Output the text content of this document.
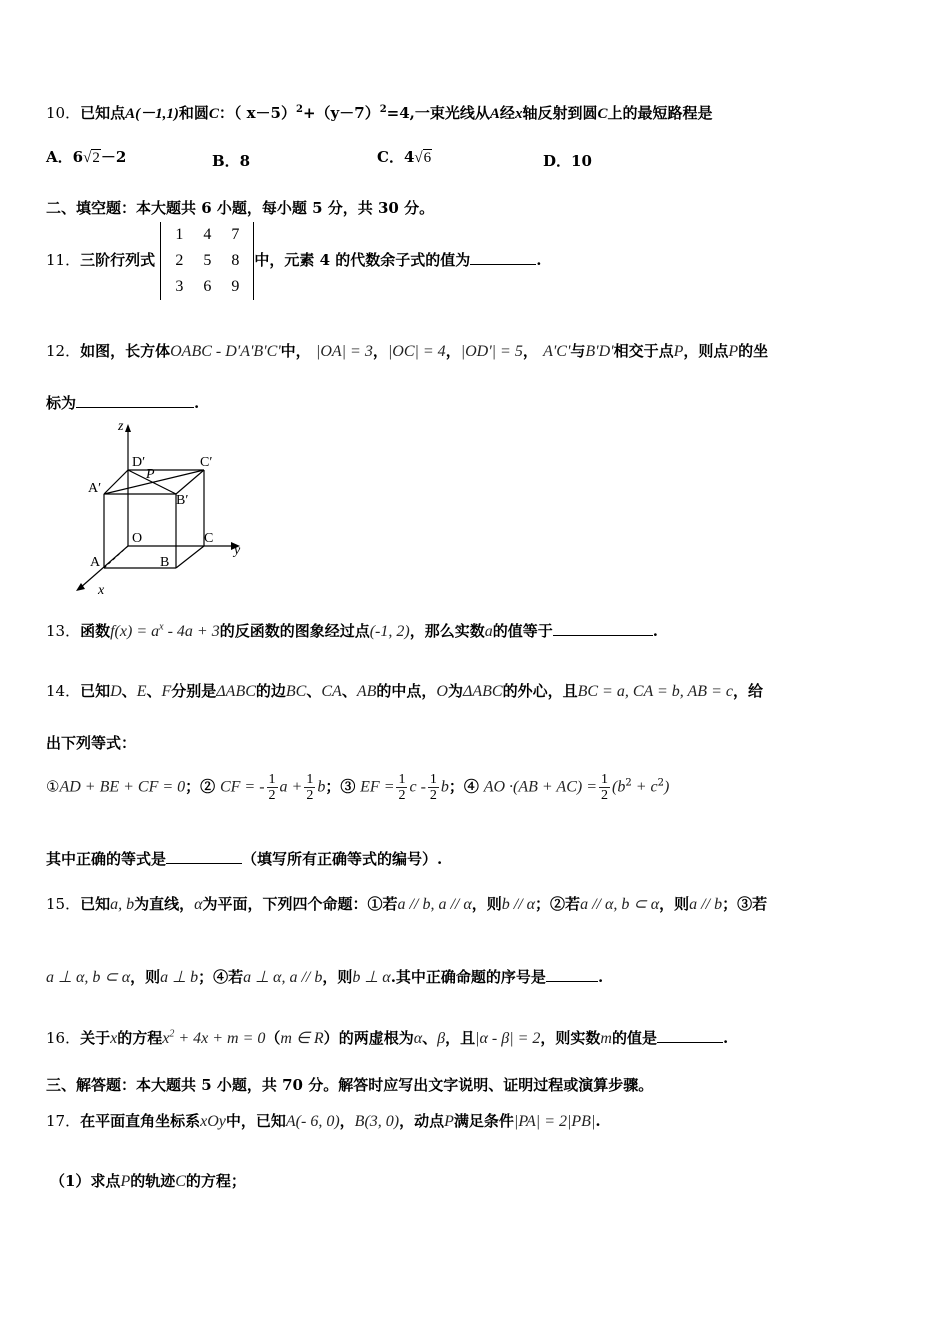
10．已知点A(－1,1)和圆C：（ $x-5)^2+(y-7)^2=4$,一束光线从A经x轴反射到圆C上的最短路程是
A．6√2－2	B．8	C．4√6	D．10
二、填空题：本大题共 6 小题，每小题 5 分，共 30 分。
11．三阶行列式 1 4 7
2 5 8
3 6 9中，元素 4 的代数余子式的值为	.
12．如图，长方体OABC - D'A'B'C'中， |OA| = 3，|OC| = 4，|OD'| = 5， A'C'与B'D'相交于点P，则点P的坐
标为	.
z
y
x
D′
P
C′
A′
B′
O	C
A	B
13．函数$f(x) = a^x - 4a + 3$的反函数的图象经过点(-1, 2)，那么实数a的值等于	.
14．已知D、E、F分别是ΔABC的边BC、CA、AB的中点，O为ΔABC的外心，且BC = a, CA = b, AB = c，给
出下列等式：
①AD + BE + CF = 0；② CF = - $\frac{1}{2}$ $a + \frac{1}{2}$ b；③ EF = $\frac{1}{2}$ c - $\frac{1}{2}$ b；④ AO $\cdot(AB + AC) = \frac{1}{2} (b^2 + c^2)$
其中正确的等式是	（填写所有正确等式的编号）.
15．已知a, b为直线，α为平面，下列四个命题：①若a // b, a // α，则b // α；②若a // α, b ⊂ α，则a // b；③若
a ⊥ α, b ⊂ α，则a ⊥ b；④若a ⊥ α, a // b，则b ⊥ α.其中正确命题的序号是	.
16．关于x的方程$x^2 + 4x + m = 0(m$ ∈ R）的两虚根为α、β，且|α - β| = 2，则实数m的值是	.
三、解答题：本大题共 5 小题，共 70 分。解答时应写出文字说明、证明过程或演算步骤。
17．在平面直角坐标系xOy中，已知A(- 6, 0)，B(3, 0)，动点P满足条件|PA| = 2|PB|.
（1）求点P的轨迹C的方程；
